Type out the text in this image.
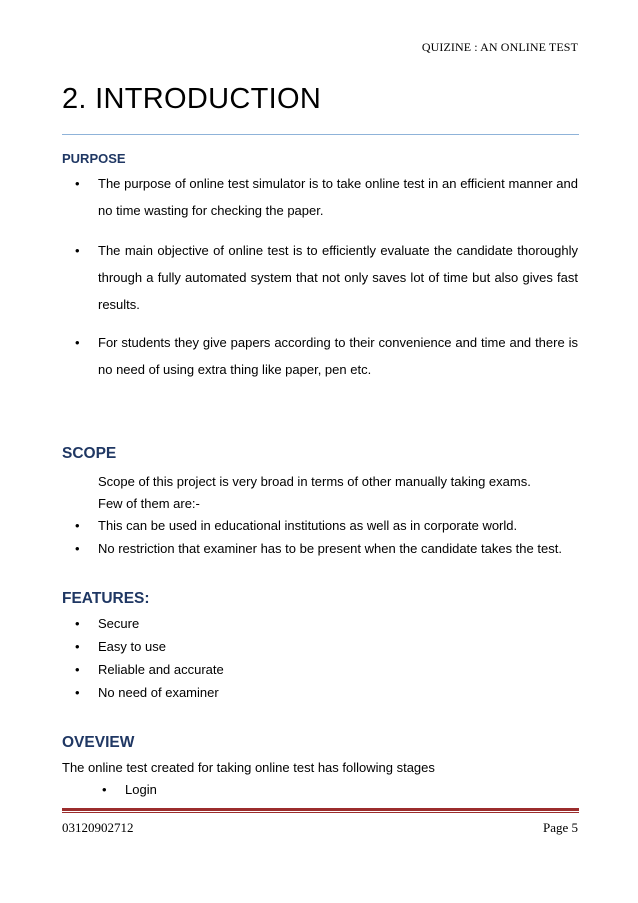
QUIZINE : AN ONLINE TEST
2. INTRODUCTION
PURPOSE
• The purpose of online test simulator is to take online test in an efficient manner and no time wasting for checking the paper.
• The main objective of online test is to efficiently evaluate the candidate thoroughly through a fully automated system that not only saves lot of time but also gives fast results.
• For students they give papers according to their convenience and time and there is no need of using extra thing like paper, pen etc.
SCOPE
Scope of this project is very broad in terms of other manually taking exams.
Few of them are:-
• This can be used in educational institutions as well as in corporate world.
• No restriction that examiner has to be present when the candidate takes the test.
FEATURES:
• Secure
• Easy to use
• Reliable and accurate
• No need of examiner
OVEVIEW
The online test created for taking online test has following stages
• Login
03120902712	Page 5
